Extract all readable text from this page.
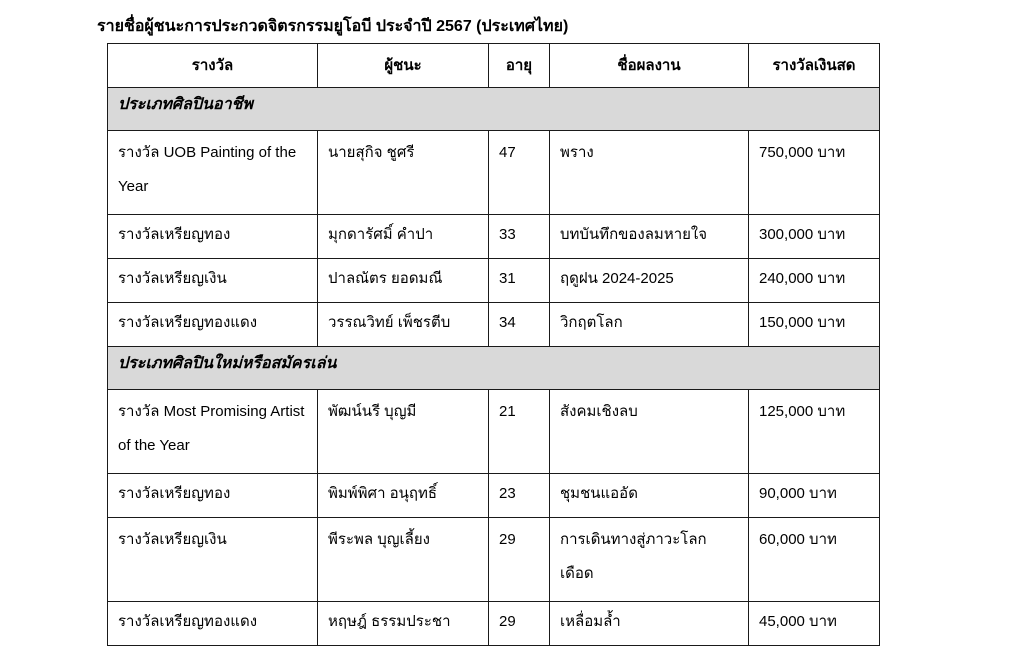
รายชื่อผู้ชนะการประกวดจิตรกรรมยูโอบี ประจำปี 2567 (ประเทศไทย)
รางวัล	ผู้ชนะ	อายุ	ชื่อผลงาน	รางวัลเงินสด
ประเภทศิลปินอาชีพ				
รางวัล UOB Painting of the Year	นายสุกิจ ชูศรี	47	พราง	750,000 บาท
รางวัลเหรียญทอง	มุกดารัศมิ์ คำปา	33	บทบันทึกของลมหายใจ	300,000 บาท
รางวัลเหรียญเงิน	ปาลณัตร ยอดมณี	31	ฤดูฝน 2024-2025	240,000 บาท
รางวัลเหรียญทองแดง	วรรณวิทย์ เพ็ชรตีบ	34	วิกฤตโลก	150,000 บาท
ประเภทศิลปินใหม่หรือสมัครเล่น				
รางวัล Most Promising Artist of the Year	พัฒน์นรี บุญมี	21	สังคมเชิงลบ	125,000 บาท
รางวัลเหรียญทอง	พิมพ์พิศา อนุฤทธิ์	23	ชุมชนแออัด	90,000 บาท
รางวัลเหรียญเงิน	พีระพล บุญเลี้ยง	29	การเดินทางสู่ภาวะโลกเดือด	60,000 บาท
รางวัลเหรียญทองแดง	หฤษฎ์ ธรรมประชา	29	เหลื่อมล้ำ	45,000 บาท
